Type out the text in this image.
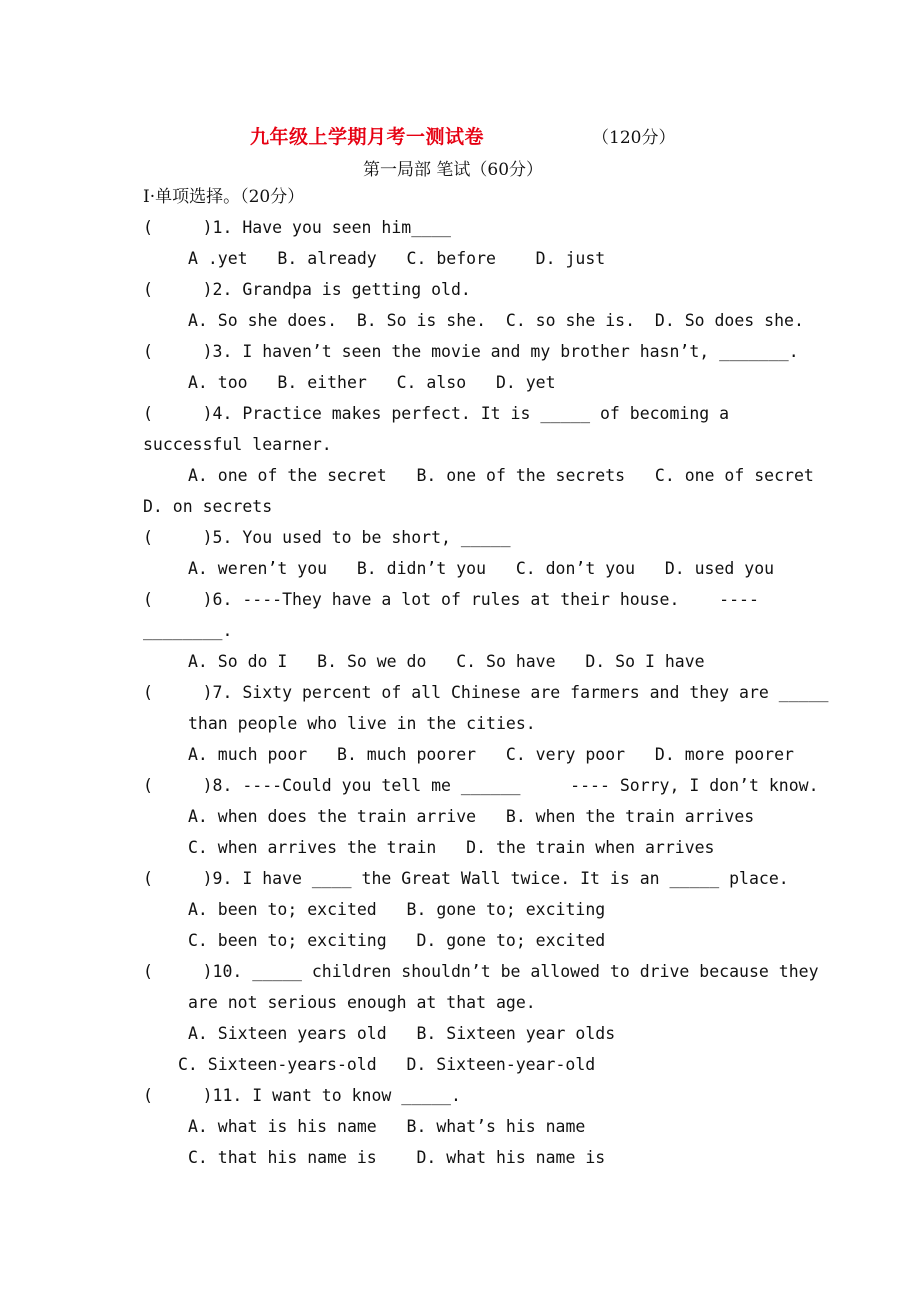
九年级上学期月考一测试卷	（120分）
第一局部 笔试（60分）
Ⅰ·单项选择。（20分）
(     )1. Have you seen him____
A .yet   B. already   C. before    D. just
(     )2. Grandpa is getting old.
A. So she does.  B. So is she.  C. so she is.  D. So does she.
(     )3. I haven’t seen the movie and my brother hasn’t, _______.
A. too   B. either   C. also   D. yet
(     )4. Practice makes perfect. It is _____ of becoming a
successful learner.
A. one of the secret   B. one of the secrets   C. one of secret
D. on secrets
(     )5. You used to be short, _____
A. weren’t you   B. didn’t you   C. don’t you   D. used you
(     )6. ----They have a lot of rules at their house.    ----
________.
A. So do I   B. So we do   C. So have   D. So I have
(     )7. Sixty percent of all Chinese are farmers and they are _____
than people who live in the cities.
A. much poor   B. much poorer   C. very poor   D. more poorer
(     )8. ----Could you tell me ______     ---- Sorry, I don’t know.
A. when does the train arrive   B. when the train arrives
C. when arrives the train   D. the train when arrives
(     )9. I have ____ the Great Wall twice. It is an _____ place.
A. been to; excited   B. gone to; exciting
C. been to; exciting   D. gone to; excited
(     )10. _____ children shouldn’t be allowed to drive because they
are not serious enough at that age.
A. Sixteen years old   B. Sixteen year olds
C. Sixteen-years-old   D. Sixteen-year-old
(     )11. I want to know _____.
A. what is his name   B. what’s his name
C. that his name is    D. what his name is
